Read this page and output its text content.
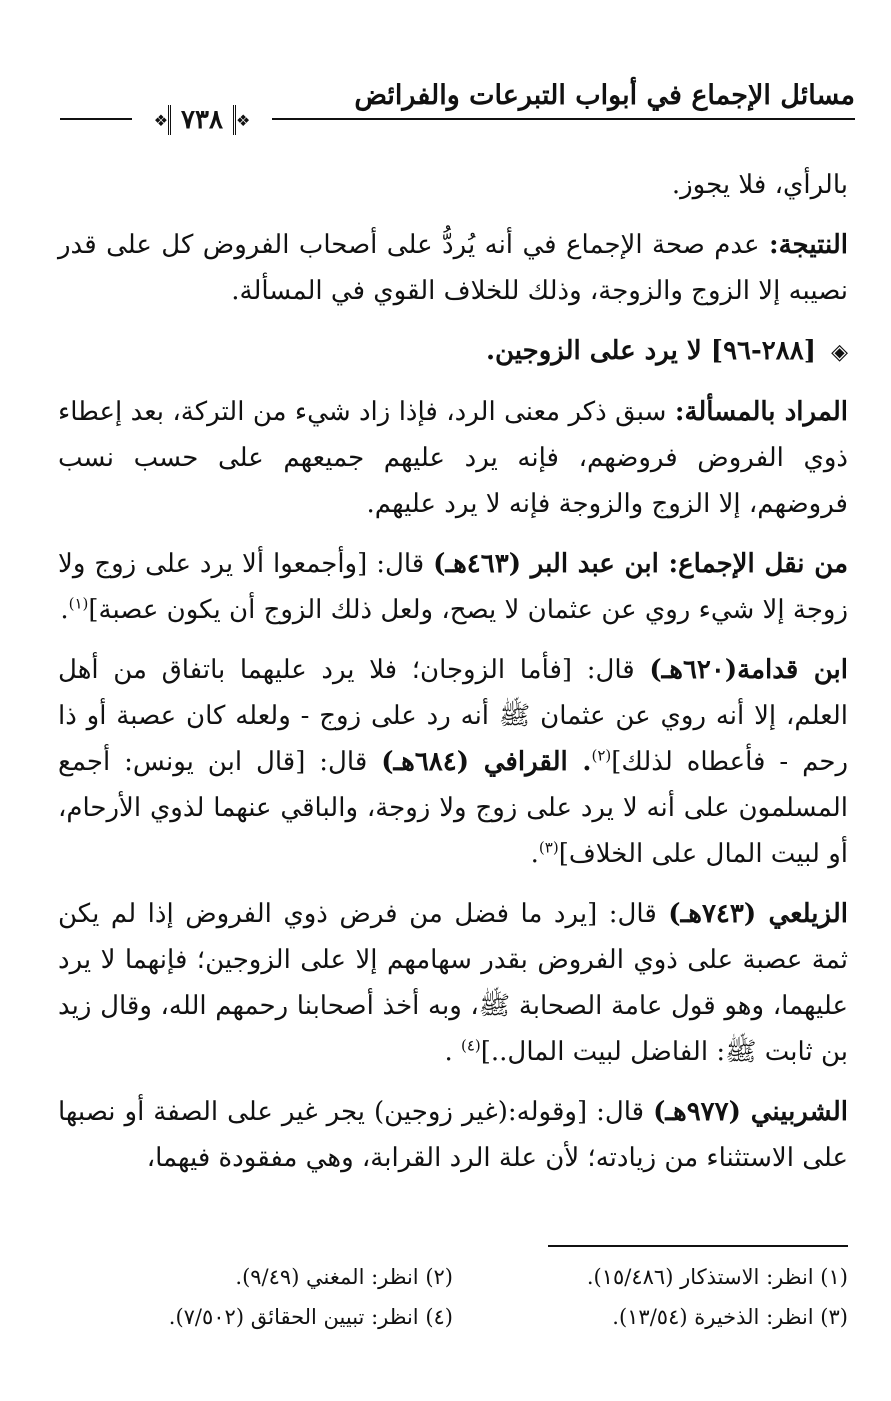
مسائل الإجماع في أبواب التبرعات والفرائض
❖
٧٣٨
❖

بالرأي، فلا يجوز.

النتيجة: عدم صحة الإجماع في أنه يُردُّ على أصحاب الفروض كل على قدر نصيبه إلا الزوج والزوجة، وذلك للخلاف القوي في المسألة.

◈ [٢٨٨-٩٦] لا يرد على الزوجين.

المراد بالمسألة: سبق ذكر معنى الرد، فإذا زاد شيء من التركة، بعد إعطاء ذوي الفروض فروضهم، فإنه يرد عليهم جميعهم على حسب نسب فروضهم، إلا الزوج والزوجة فإنه لا يرد عليهم.

من نقل الإجماع: ابن عبد البر (٤٦٣هـ) قال: [وأجمعوا ألا يرد على زوج ولا زوجة إلا شيء روي عن عثمان لا يصح، ولعل ذلك الزوج أن يكون عصبة]$^{(١)}$.

ابن قدامة(٦٢٠هـ) قال: [فأما الزوجان؛ فلا يرد عليهما باتفاق من أهل العلم، إلا أنه روي عن عثمان ﷺ أنه رد على زوج - ولعله كان عصبة أو ذا رحم - فأعطاه لذلك]$^{(٢)}$. القرافي (٦٨٤هـ) قال: [قال ابن يونس: أجمع المسلمون على أنه لا يرد على زوج ولا زوجة، والباقي عنهما لذوي الأرحام، أو لبيت المال على الخلاف]$^{(٣)}$.

الزيلعي (٧٤٣هـ) قال: [يرد ما فضل من فرض ذوي الفروض إذا لم يكن ثمة عصبة على ذوي الفروض بقدر سهامهم إلا على الزوجين؛ فإنهما لا يرد عليهما، وهو قول عامة الصحابة ﷺ، وبه أخذ أصحابنا رحمهم الله، وقال زيد بن ثابت ﷺ: الفاضل لبيت المال..]$^{(٤)}$ .

الشربيني (٩٧٧هـ) قال: [وقوله:(غير زوجين) يجر غير على الصفة أو نصبها على الاستثناء من زيادته؛ لأن علة الرد القرابة، وهي مفقودة فيهما،

(١) انظر: الاستذكار (١٥/٤٨٦).
(٢) انظر: المغني (٩/٤٩).
(٣) انظر: الذخيرة (١٣/٥٤).
(٤) انظر: تبيين الحقائق (٧/٥٠٢).
